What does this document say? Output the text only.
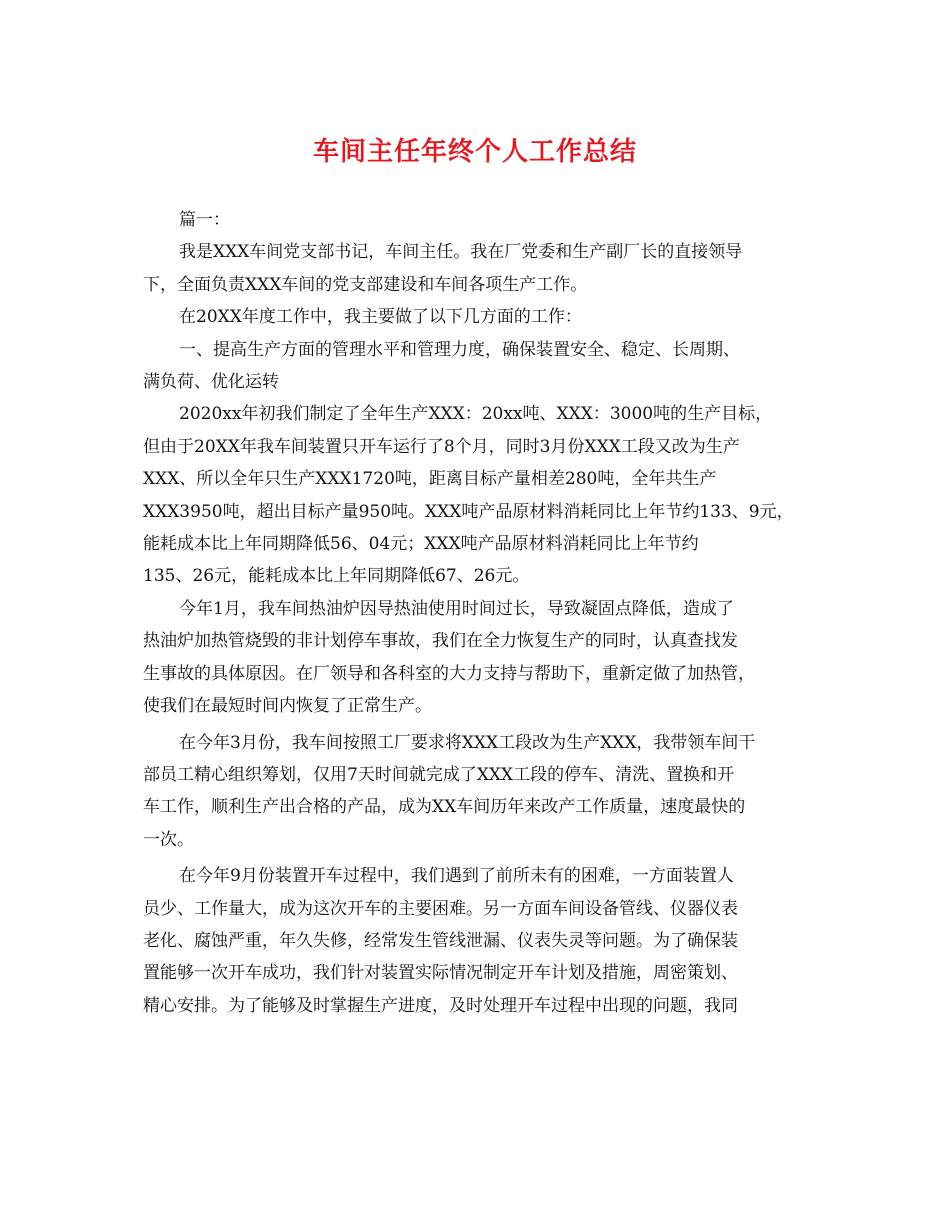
车间主任年终个人工作总结
篇一：
我是XXX车间党支部书记，车间主任。我在厂党委和生产副厂长的直接领导
下，全面负责XXX车间的党支部建设和车间各项生产工作。
在20XX年度工作中，我主要做了以下几方面的工作：
一、提高生产方面的管理水平和管理力度，确保装置安全、稳定、长周期、
满负荷、优化运转
2020xx年初我们制定了全年生产XXX：20xx吨、XXX：3000吨的生产目标，
但由于20XX年我车间装置只开车运行了8个月，同时3月份XXX工段又改为生产
XXX、所以全年只生产XXX1720吨，距离目标产量相差280吨，全年共生产
XXX3950吨，超出目标产量950吨。XXX吨产品原材料消耗同比上年节约133、9元，
能耗成本比上年同期降低56、04元；XXX吨产品原材料消耗同比上年节约
135、26元，能耗成本比上年同期降低67、26元。
今年1月，我车间热油炉因导热油使用时间过长，导致凝固点降低，造成了
热油炉加热管烧毁的非计划停车事故，我们在全力恢复生产的同时，认真查找发
生事故的具体原因。在厂领导和各科室的大力支持与帮助下，重新定做了加热管，
使我们在最短时间内恢复了正常生产。
在今年3月份，我车间按照工厂要求将XXX工段改为生产XXX，我带领车间干
部员工精心组织筹划，仅用7天时间就完成了XXX工段的停车、清洗、置换和开
车工作，顺利生产出合格的产品，成为XX车间历年来改产工作质量，速度最快的
一次。
在今年9月份装置开车过程中，我们遇到了前所未有的困难，一方面装置人
员少、工作量大，成为这次开车的主要困难。另一方面车间设备管线、仪器仪表
老化、腐蚀严重，年久失修，经常发生管线泄漏、仪表失灵等问题。为了确保装
置能够一次开车成功，我们针对装置实际情况制定开车计划及措施，周密策划、
精心安排。为了能够及时掌握生产进度，及时处理开车过程中出现的问题，我同
